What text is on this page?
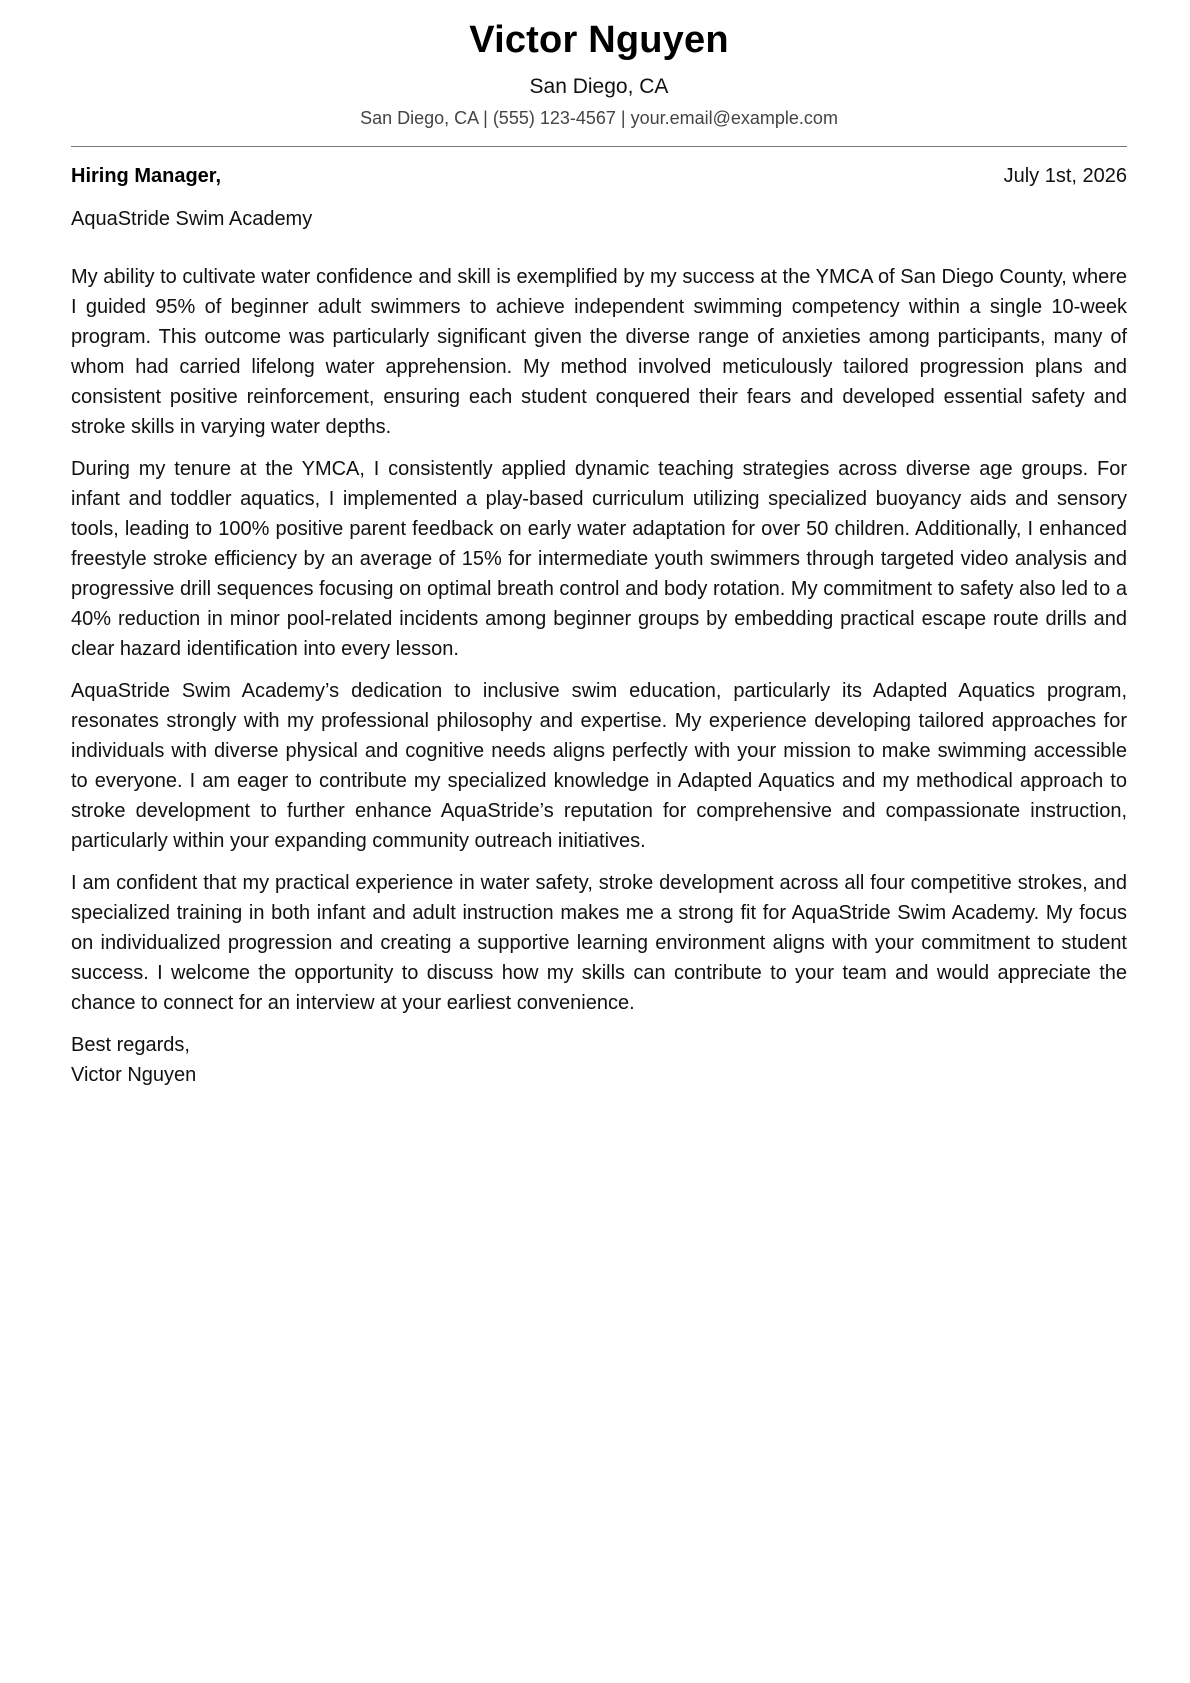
Victor Nguyen
San Diego, CA
San Diego, CA | (555) 123-4567 | your.email@example.com
Hiring Manager,	July 1st, 2026
AquaStride Swim Academy

My ability to cultivate water confidence and skill is exemplified by my success at the YMCA of San Diego County, where I guided 95% of beginner adult swimmers to achieve independent swimming competency within a single 10-week program. This outcome was particularly significant given the diverse range of anxieties among participants, many of whom had carried lifelong water apprehension. My method involved meticulously tailored progression plans and consistent positive reinforcement, ensuring each student conquered their fears and developed essential safety and stroke skills in varying water depths.

During my tenure at the YMCA, I consistently applied dynamic teaching strategies across diverse age groups. For infant and toddler aquatics, I implemented a play-based curriculum utilizing specialized buoyancy aids and sensory tools, leading to 100% positive parent feedback on early water adaptation for over 50 children. Additionally, I enhanced freestyle stroke efficiency by an average of 15% for intermediate youth swimmers through targeted video analysis and progressive drill sequences focusing on optimal breath control and body rotation. My commitment to safety also led to a 40% reduction in minor pool-related incidents among beginner groups by embedding practical escape route drills and clear hazard identification into every lesson.

AquaStride Swim Academy’s dedication to inclusive swim education, particularly its Adapted Aquatics program, resonates strongly with my professional philosophy and expertise. My experience developing tailored approaches for individuals with diverse physical and cognitive needs aligns perfectly with your mission to make swimming accessible to everyone. I am eager to contribute my specialized knowledge in Adapted Aquatics and my methodical approach to stroke development to further enhance AquaStride’s reputation for comprehensive and compassionate instruction, particularly within your expanding community outreach initiatives.

I am confident that my practical experience in water safety, stroke development across all four competitive strokes, and specialized training in both infant and adult instruction makes me a strong fit for AquaStride Swim Academy. My focus on individualized progression and creating a supportive learning environment aligns with your commitment to student success. I welcome the opportunity to discuss how my skills can contribute to your team and would appreciate the chance to connect for an interview at your earliest convenience.

Best regards,
Victor Nguyen
